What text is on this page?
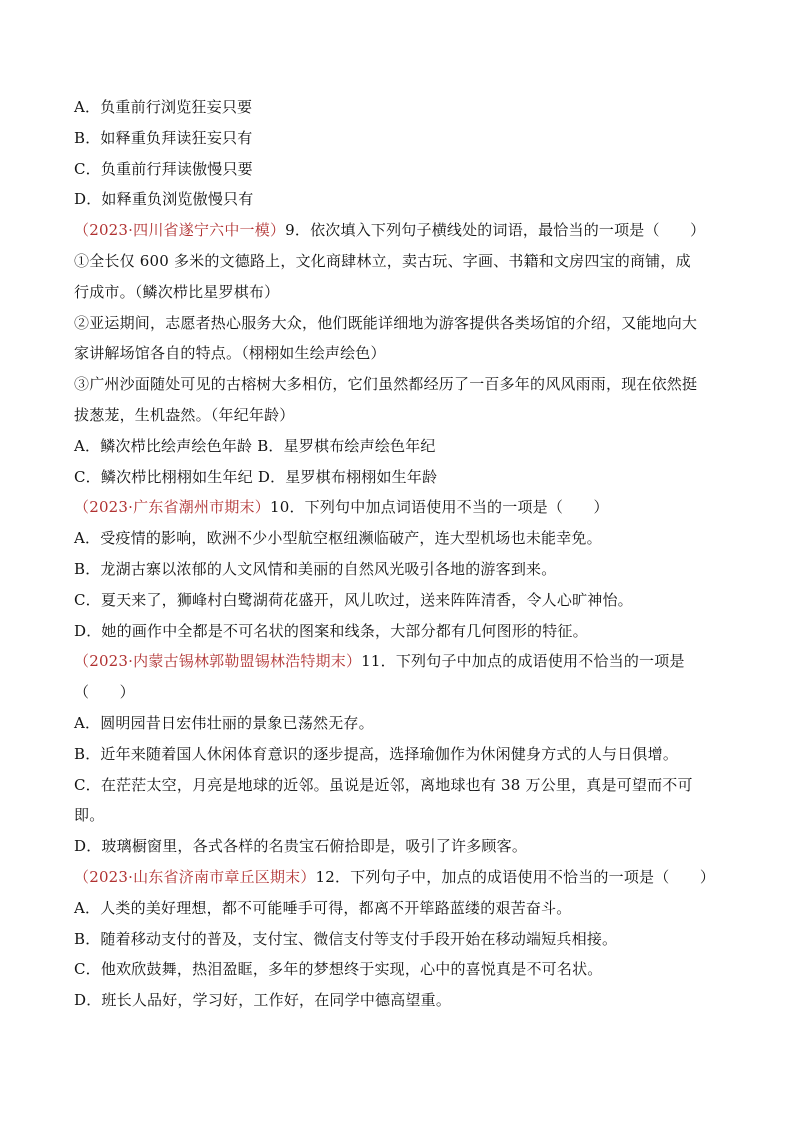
A．负重前行浏览狂妄只要
B．如释重负拜读狂妄只有
C．负重前行拜读傲慢只要
D．如释重负浏览傲慢只有
（2023·四川省遂宁六中一模）9．依次填入下列句子横线处的词语，最恰当的一项是（　　）
①全长仅 600 多米的文德路上，文化商肆林立，卖古玩、字画、书籍和文房四宝的商铺，成
行成市。（鳞次栉比星罗棋布）
②亚运期间，志愿者热心服务大众，他们既能详细地为游客提供各类场馆的介绍，又能地向大
家讲解场馆各自的特点。（栩栩如生绘声绘色）
③广州沙面随处可见的古榕树大多相仿，它们虽然都经历了一百多年的风风雨雨，现在依然挺
拔葱茏，生机盎然。（年纪年龄）
A．鳞次栉比绘声绘色年龄 B．星罗棋布绘声绘色年纪
C．鳞次栉比栩栩如生年纪 D．星罗棋布栩栩如生年龄
（2023·广东省潮州市期末）10．下列句中加点词语使用不当的一项是（　　）
A．受疫情的影响，欧洲不少小型航空枢纽濒临破产，连大型机场也未能幸免。
B．龙湖古寨以浓郁的人文风情和美丽的自然风光吸引各地的游客到来。
C．夏天来了，狮峰村白鹭湖荷花盛开，风儿吹过，送来阵阵清香，令人心旷神怡。
D．她的画作中全都是不可名状的图案和线条，大部分都有几何图形的特征。
（2023·内蒙古锡林郭勒盟锡林浩特期末）11．下列句子中加点的成语使用不恰当的一项是
（　　）
A．圆明园昔日宏伟壮丽的景象已荡然无存。
B．近年来随着国人休闲体育意识的逐步提高，选择瑜伽作为休闲健身方式的人与日俱增。
C．在茫茫太空，月亮是地球的近邻。虽说是近邻，离地球也有 38 万公里，真是可望而不可
即。
D．玻璃橱窗里，各式各样的名贵宝石俯拾即是，吸引了许多顾客。
（2023·山东省济南市章丘区期末）12．下列句子中，加点的成语使用不恰当的一项是（　　）
A．人类的美好理想，都不可能唾手可得，都离不开筚路蓝缕的艰苦奋斗。
B．随着移动支付的普及，支付宝、微信支付等支付手段开始在移动端短兵相接。
C．他欢欣鼓舞，热泪盈眶，多年的梦想终于实现，心中的喜悦真是不可名状。
D．班长人品好，学习好，工作好，在同学中德高望重。
